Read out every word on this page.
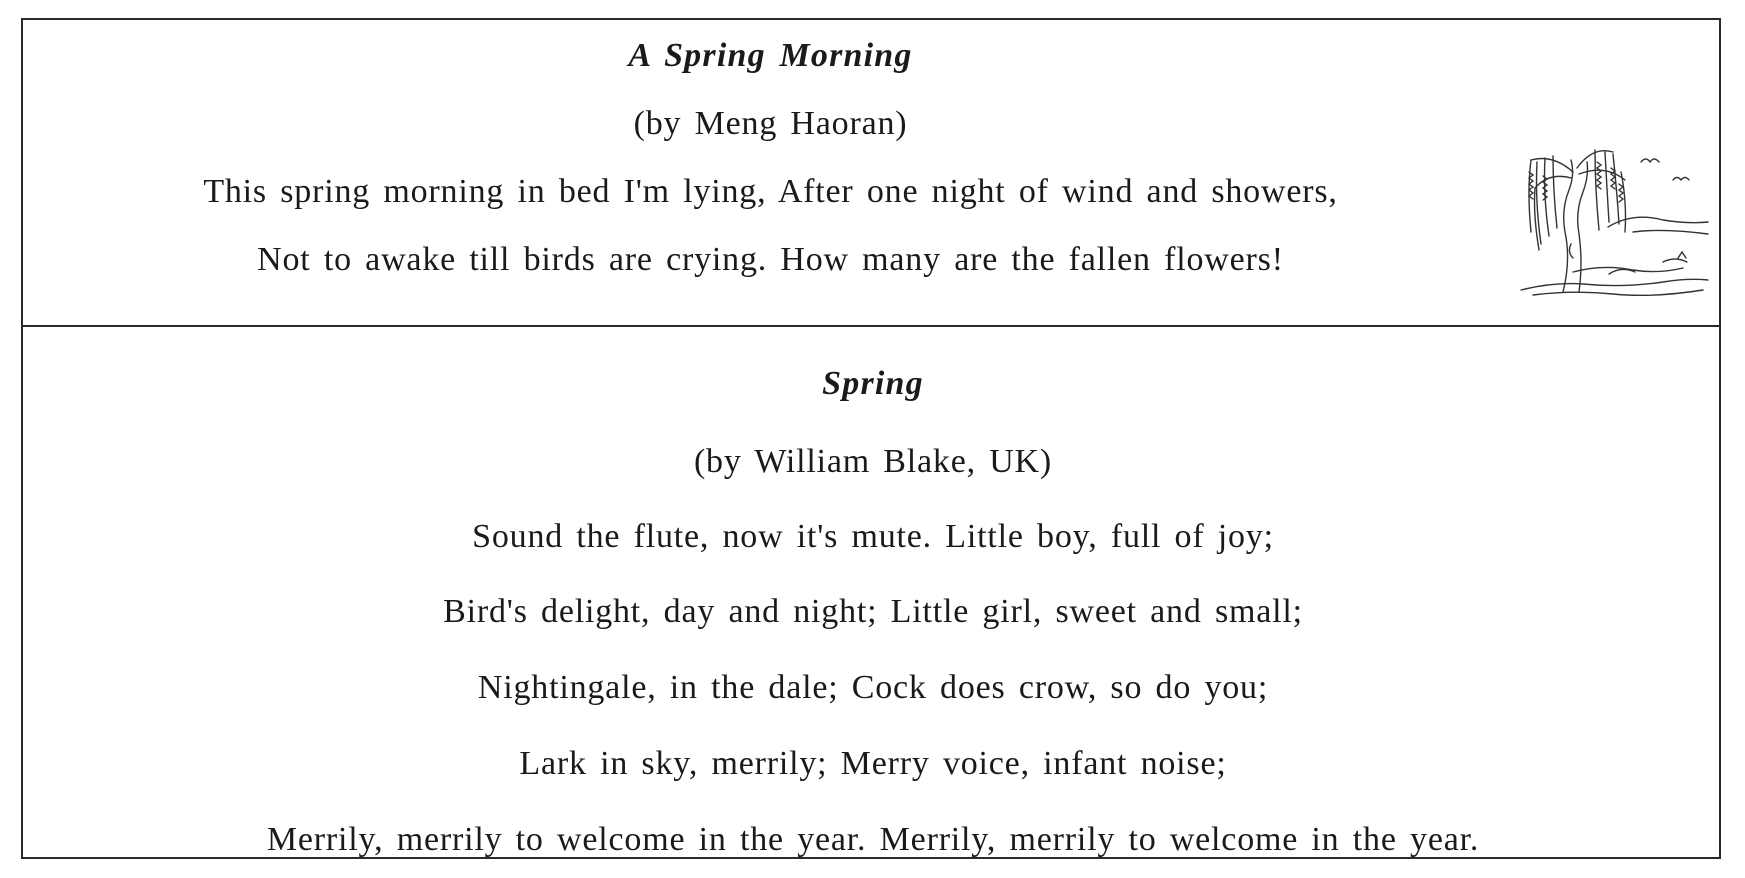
A Spring Morning
(by Meng Haoran)
This spring morning in bed I'm lying, After one night of wind and showers,
Not to awake till birds are crying. How many are the fallen flowers!
Spring
(by William Blake, UK)
Sound the flute, now it's mute. Little boy, full of joy;
Bird's delight, day and night; Little girl, sweet and small;
Nightingale, in the dale; Cock does crow, so do you;
Lark in sky, merrily; Merry voice, infant noise;
Merrily, merrily to welcome in the year. Merrily, merrily to welcome in the year.
